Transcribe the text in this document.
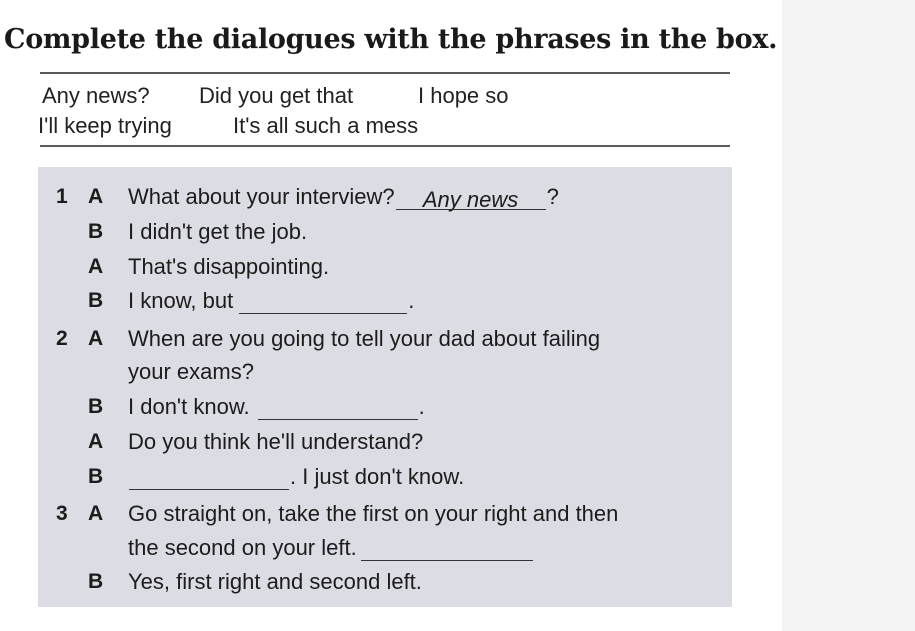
Complete the dialogues with the phrases in the box.
Any news? Did you get that	I hope so
I'll keep trying	It's all such a mess
1 A What about your interview? Any news ?
B I didn't get the job.
A That's disappointing.
B I know, but	.
2 A When are you going to tell your dad about failing
your exams?
B I don't know.	.
A Do you think he'll understand?
B	. I just don't know.
3 A Go straight on, take the first on your right and then
the second on your left.
B Yes, first right and second left.
